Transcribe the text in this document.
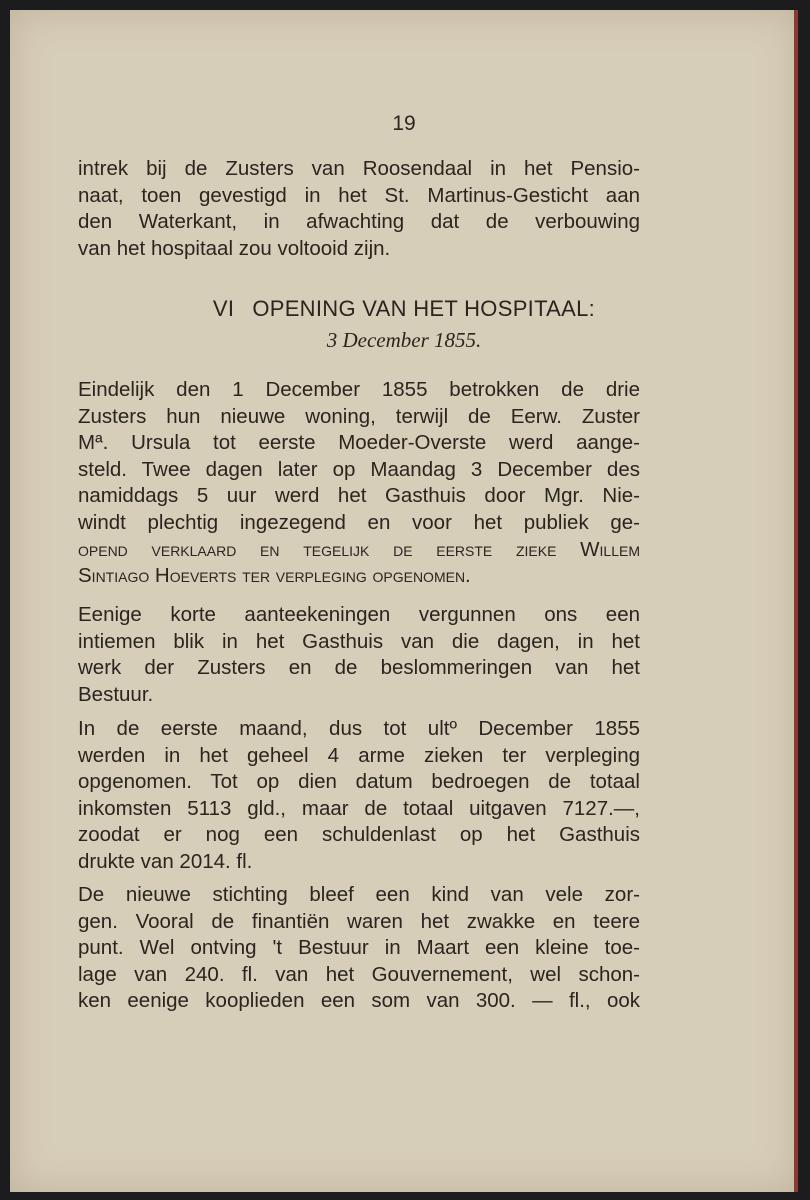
19
intrek bij de Zusters van Roosendaal in het Pensio-
naat, toen gevestigd in het St. Martinus-Gesticht aan
den Waterkant, in afwachting dat de verbouwing
van het hospitaal zou voltooid zijn.
VI OPENING VAN HET HOSPITAAL:
3 December 1855.
Eindelijk den 1 December 1855 betrokken de drie
Zusters hun nieuwe woning, terwijl de Eerw. Zuster
Mª. Ursula tot eerste Moeder-Overste werd aange-
steld. Twee dagen later op Maandag 3 December des
namiddags 5 uur werd het Gasthuis door Mgr. Nie-
windt plechtig ingezegend en voor het publiek ge-
opend verklaard en tegelijk de eerste zieke Willem
Sintiago Hoeverts ter verpleging opgenomen.
Eenige korte aanteekeningen vergunnen ons een
intiemen blik in het Gasthuis van die dagen, in het
werk der Zusters en de beslommeringen van het
Bestuur.
In de eerste maand, dus tot ultº December 1855
werden in het geheel 4 arme zieken ter verpleging
opgenomen. Tot op dien datum bedroegen de totaal
inkomsten 5113 gld., maar de totaal uitgaven 7127.—,
zoodat er nog een schuldenlast op het Gasthuis
drukte van 2014. fl.
De nieuwe stichting bleef een kind van vele zor-
gen. Vooral de finantiën waren het zwakke en teere
punt. Wel ontving 't Bestuur in Maart een kleine toe-
lage van 240. fl. van het Gouvernement, wel schon-
ken eenige kooplieden een som van 300. — fl., ook
